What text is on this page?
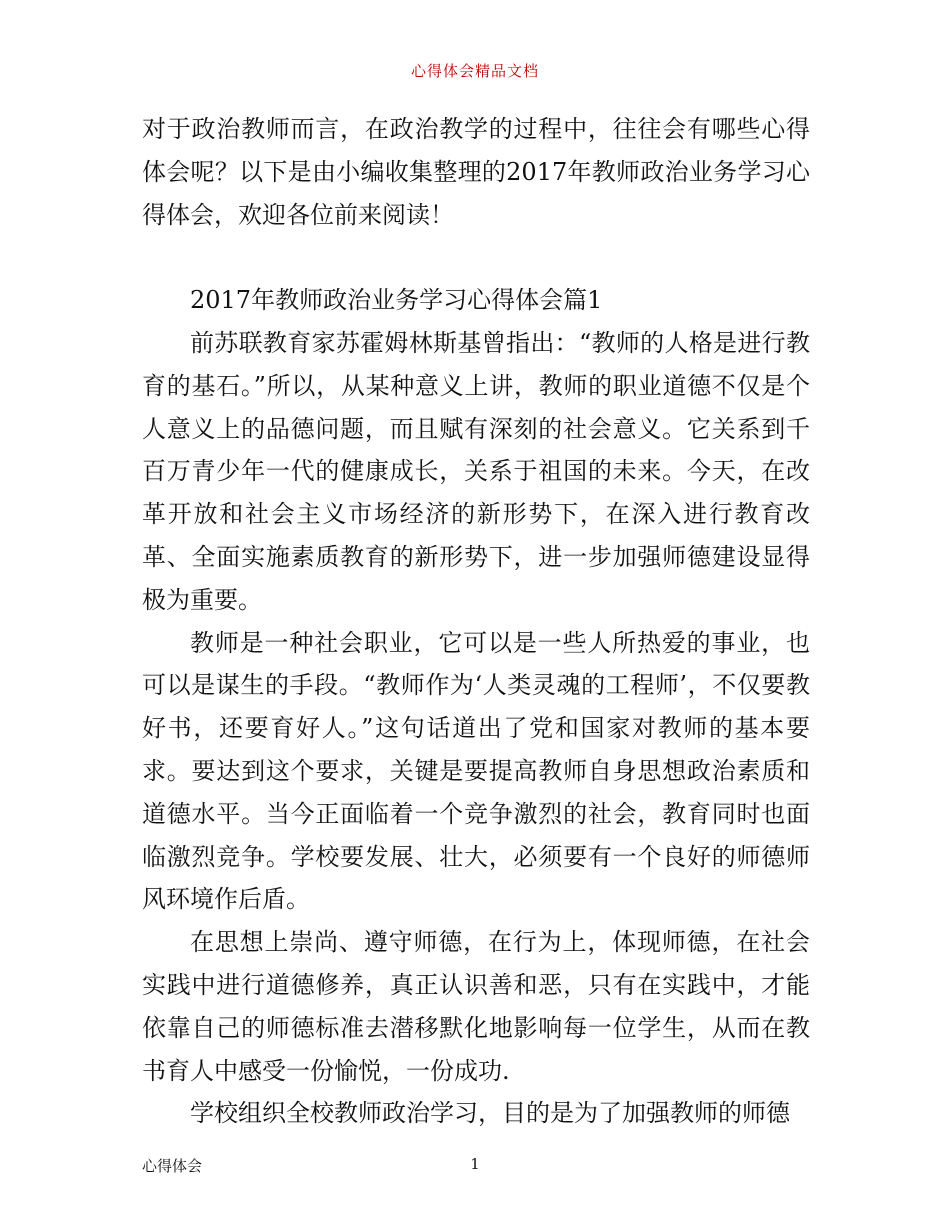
心得体会精品文档

对于政治教师而言，在政治教学的过程中，往往会有哪些心得体会呢？以下是由小编收集整理的2017年教师政治业务学习心得体会，欢迎各位前来阅读！

2017年教师政治业务学习心得体会篇1

前苏联教育家苏霍姆林斯基曾指出：“教师的人格是进行教育的基石。”所以，从某种意义上讲，教师的职业道德不仅是个人意义上的品德问题，而且赋有深刻的社会意义。它关系到千百万青少年一代的健康成长，关系于祖国的未来。今天，在改革开放和社会主义市场经济的新形势下，在深入进行教育改革、全面实施素质教育的新形势下，进一步加强师德建设显得极为重要。

教师是一种社会职业，它可以是一些人所热爱的事业，也可以是谋生的手段。“教师作为‘人类灵魂的工程师’，不仅要教好书，还要育好人。”这句话道出了党和国家对教师的基本要求。要达到这个要求，关键是要提高教师自身思想政治素质和道德水平。当今正面临着一个竞争激烈的社会，教育同时也面临激烈竞争。学校要发展、壮大，必须要有一个良好的师德师风环境作后盾。

在思想上崇尚、遵守师德，在行为上，体现师德，在社会实践中进行道德修养，真正认识善和恶，只有在实践中，才能依靠自己的师德标准去潜移默化地影响每一位学生，从而在教书育人中感受一份愉悦，一份成功.

学校组织全校教师政治学习，目的是为了加强教师的师德

心得体会	1
